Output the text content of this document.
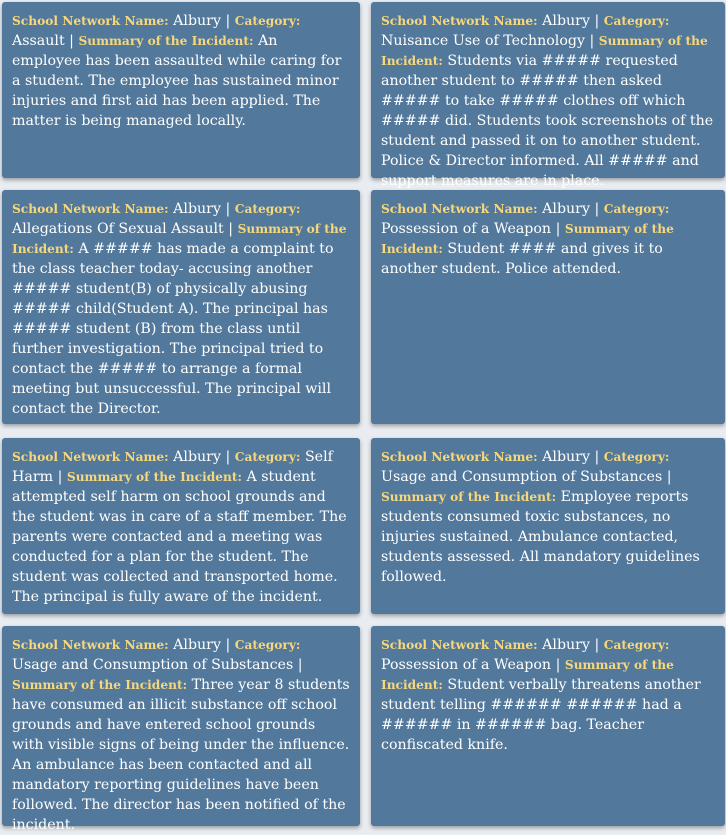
School Network Name: Albury | Category: Assault | Summary of the Incident: An employee has been assaulted while caring for a student. The employee has sustained minor injuries and first aid has been applied. The matter is being managed locally.
School Network Name: Albury | Category: Nuisance Use of Technology | Summary of the Incident: Students via ##### requested another student to ##### then asked ##### to take ##### clothes off which ##### did. Students took screenshots of the student and passed it on to another student. Police & Director informed. All ##### and support measures are in place.
School Network Name: Albury | Category: Allegations Of Sexual Assault | Summary of the Incident: A ##### has made a complaint to the class teacher today- accusing another ##### student(B) of physically abusing ##### child(Student A). The principal has ##### student (B) from the class until further investigation. The principal tried to contact the ##### to arrange a formal meeting but unsuccessful. The principal will contact the Director.
School Network Name: Albury | Category: Possession of a Weapon | Summary of the Incident: Student #### and gives it to another student. Police attended.
School Network Name: Albury | Category: Self Harm | Summary of the Incident: A student attempted self harm on school grounds and the student was in care of a staff member. The parents were contacted and a meeting was conducted for a plan for the student. The student was collected and transported home. The principal is fully aware of the incident.
School Network Name: Albury | Category: Usage and Consumption of Substances | Summary of the Incident: Employee reports students consumed toxic substances, no injuries sustained. Ambulance contacted, students assessed. All mandatory guidelines followed.
School Network Name: Albury | Category: Usage and Consumption of Substances | Summary of the Incident: Three year 8 students have consumed an illicit substance off school grounds and have entered school grounds with visible signs of being under the influence. An ambulance has been contacted and all mandatory reporting guidelines have been followed. The director has been notified of the incident.
School Network Name: Albury | Category: Possession of a Weapon | Summary of the Incident: Student verbally threatens another student telling ###### ###### had a ###### in ###### bag. Teacher confiscated knife.
